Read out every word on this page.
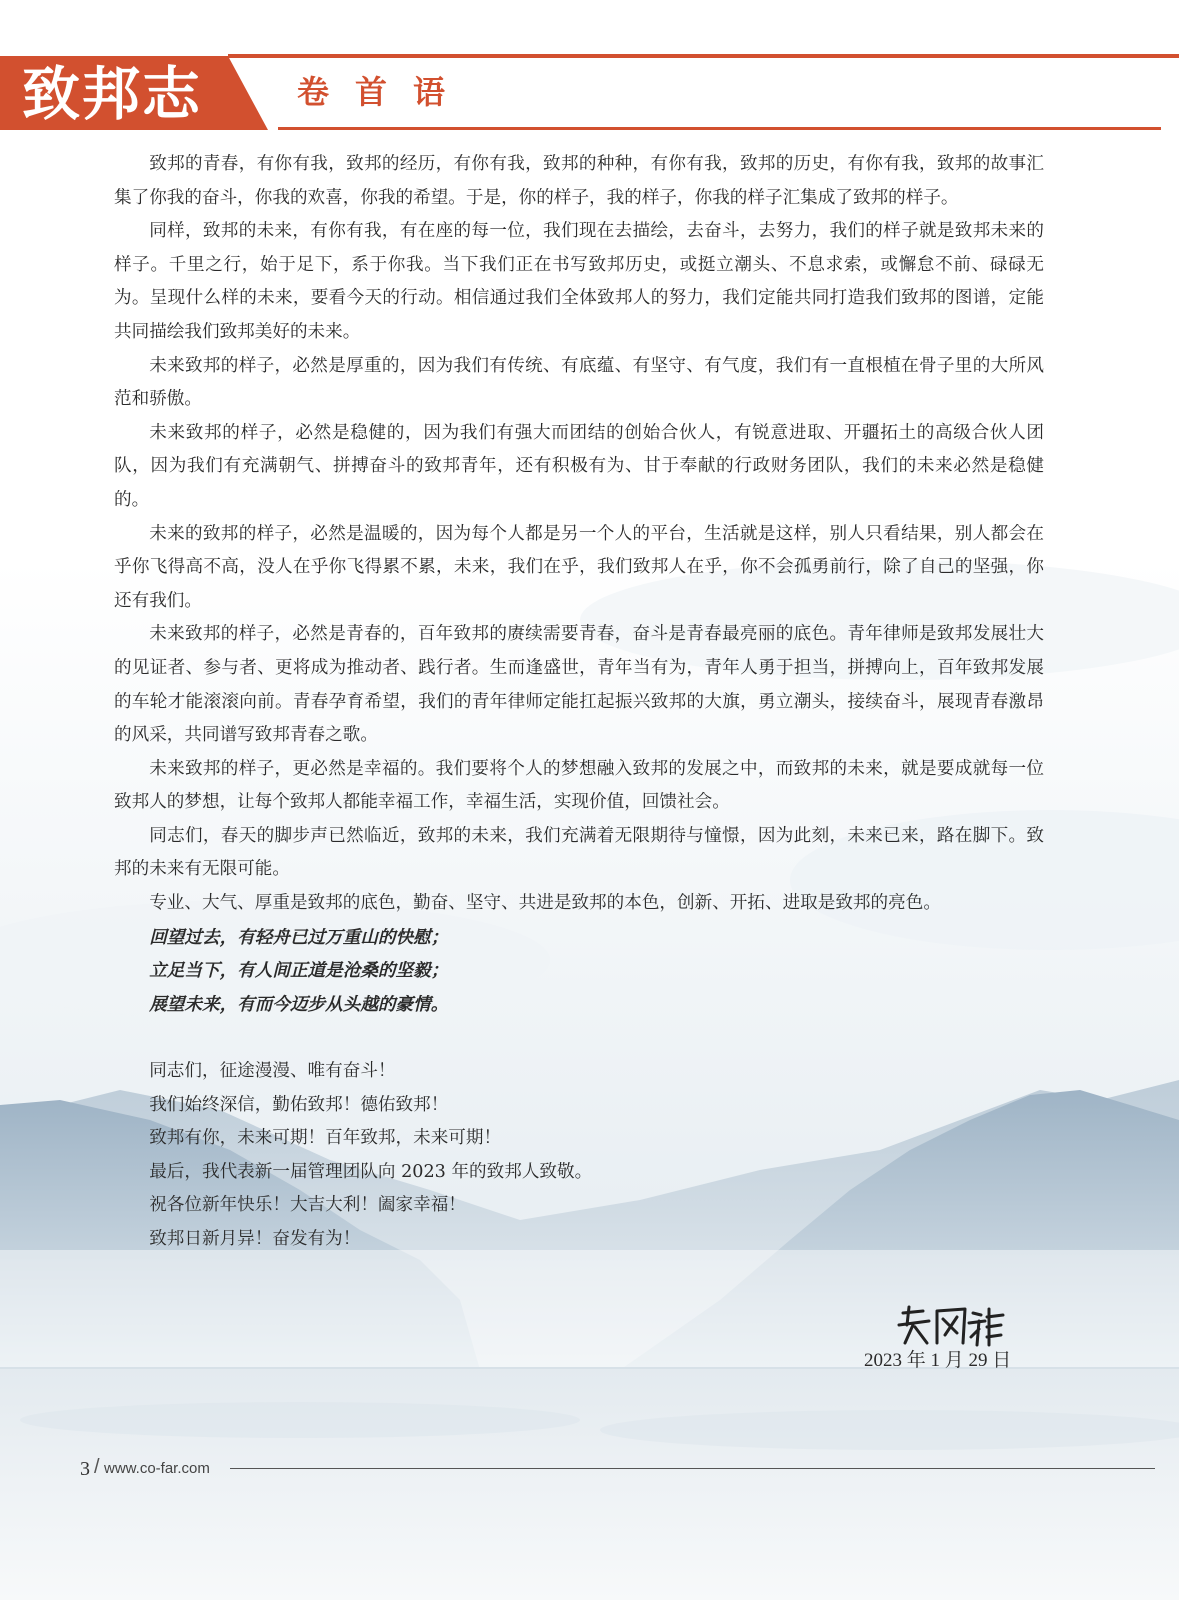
致邦志	卷首语

致邦的青春，有你有我，致邦的经历，有你有我，致邦的种种，有你有我，致邦的历史，有你有我，致邦的故事汇集了你我的奋斗，你我的欢喜，你我的希望。于是，你的样子，我的样子，你我的样子汇集成了致邦的样子。

同样，致邦的未来，有你有我，有在座的每一位，我们现在去描绘，去奋斗，去努力，我们的样子就是致邦未来的样子。千里之行，始于足下，系于你我。当下我们正在书写致邦历史，或挺立潮头、不息求索，或懈怠不前、碌碌无为。呈现什么样的未来，要看今天的行动。相信通过我们全体致邦人的努力，我们定能共同打造我们致邦的图谱，定能共同描绘我们致邦美好的未来。

未来致邦的样子，必然是厚重的，因为我们有传统、有底蕴、有坚守、有气度，我们有一直根植在骨子里的大所风范和骄傲。

未来致邦的样子，必然是稳健的，因为我们有强大而团结的创始合伙人，有锐意进取、开疆拓土的高级合伙人团队，因为我们有充满朝气、拼搏奋斗的致邦青年，还有积极有为、甘于奉献的行政财务团队，我们的未来必然是稳健的。

未来的致邦的样子，必然是温暖的，因为每个人都是另一个人的平台，生活就是这样，别人只看结果，别人都会在乎你飞得高不高，没人在乎你飞得累不累，未来，我们在乎，我们致邦人在乎，你不会孤勇前行，除了自己的坚强，你还有我们。

未来致邦的样子，必然是青春的，百年致邦的赓续需要青春，奋斗是青春最亮丽的底色。青年律师是致邦发展壮大的见证者、参与者、更将成为推动者、践行者。生而逢盛世，青年当有为，青年人勇于担当，拼搏向上，百年致邦发展的车轮才能滚滚向前。青春孕育希望，我们的青年律师定能扛起振兴致邦的大旗，勇立潮头，接续奋斗，展现青春激昂的风采，共同谱写致邦青春之歌。

未来致邦的样子，更必然是幸福的。我们要将个人的梦想融入致邦的发展之中，而致邦的未来，就是要成就每一位致邦人的梦想，让每个致邦人都能幸福工作，幸福生活，实现价值，回馈社会。

同志们，春天的脚步声已然临近，致邦的未来，我们充满着无限期待与憧憬，因为此刻，未来已来，路在脚下。致邦的未来有无限可能。

专业、大气、厚重是致邦的底色，勤奋、坚守、共进是致邦的本色，创新、开拓、进取是致邦的亮色。

回望过去，有轻舟已过万重山的快慰；

立足当下，有人间正道是沧桑的坚毅；

展望未来，有而今迈步从头越的豪情。

同志们，征途漫漫、唯有奋斗！

我们始终深信，勤佑致邦！德佑致邦！

致邦有你，未来可期！百年致邦，未来可期！

最后，我代表新一届管理团队向 2023 年的致邦人致敬。

祝各位新年快乐！大吉大利！阖家幸福！

致邦日新月异！奋发有为！

2023 年 1 月 29 日
3 / www.co-far.com
